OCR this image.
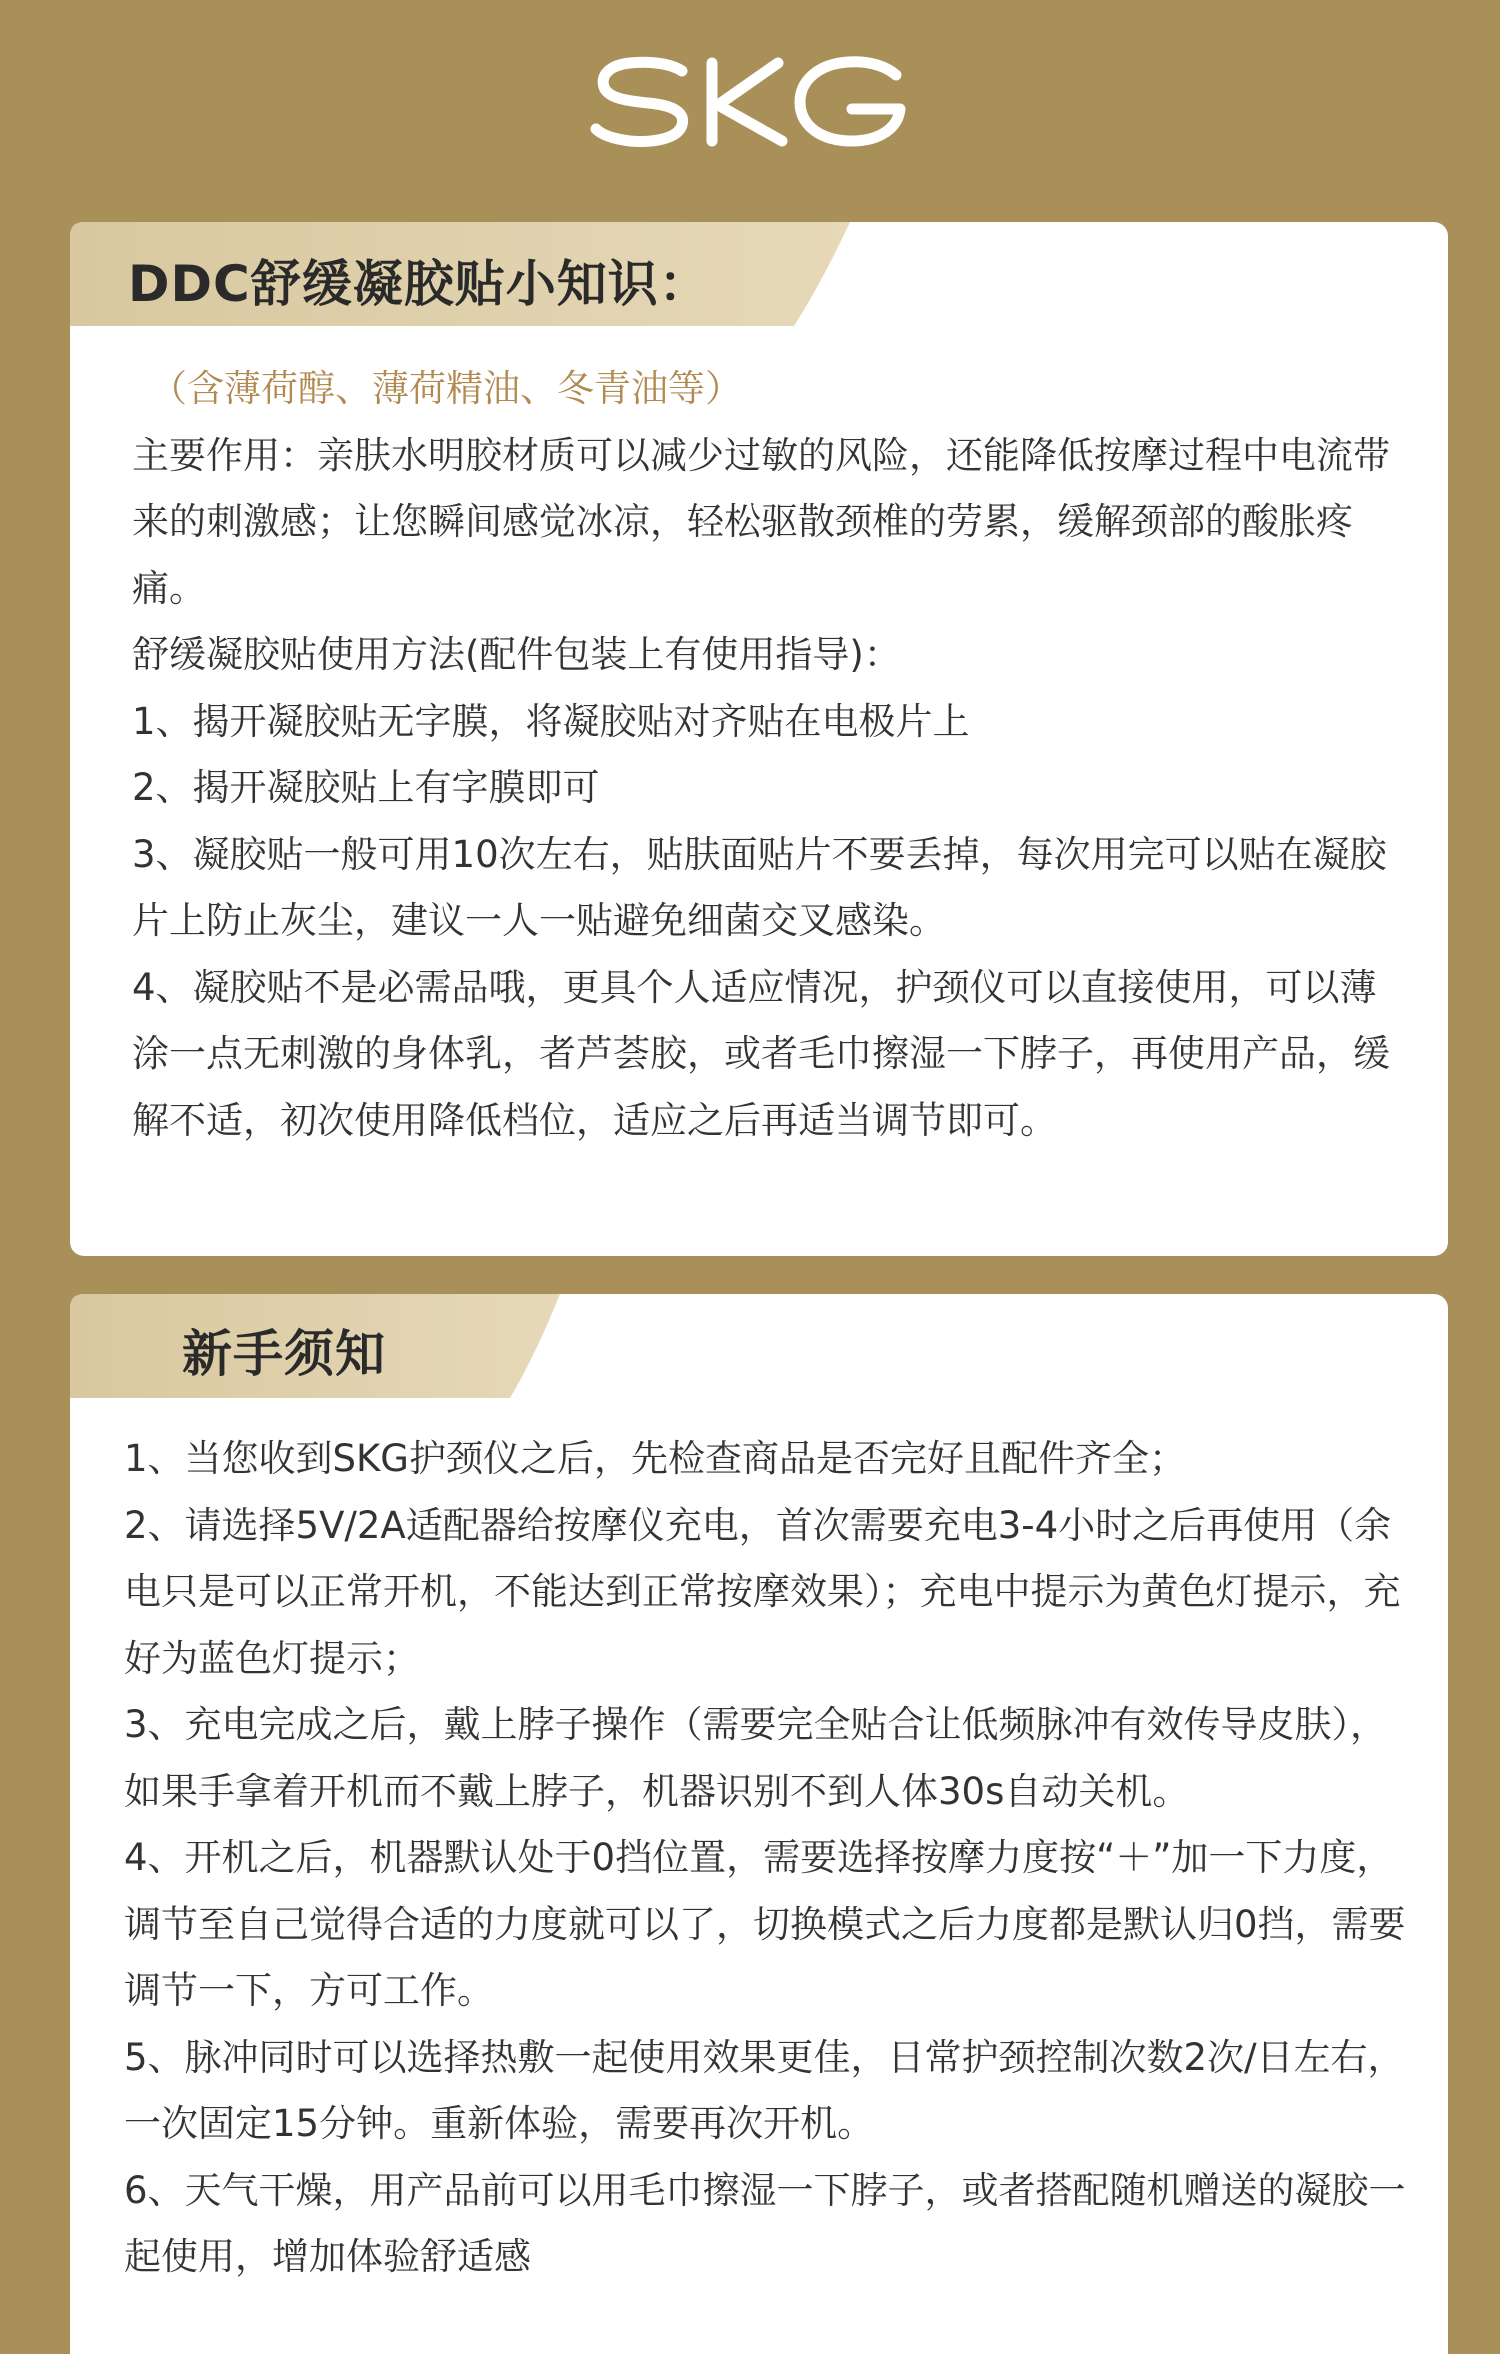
DDC舒缓凝胶贴小知识：

（含薄荷醇、薄荷精油、冬青油等）

主要作用：亲肤水明胶材质可以减少过敏的风险，还能降低按摩过程中电流带来的刺激感；让您瞬间感觉冰凉，轻松驱散颈椎的劳累，缓解颈部的酸胀疼痛。

舒缓凝胶贴使用方法(配件包装上有使用指导)：

1、揭开凝胶贴无字膜，将凝胶贴对齐贴在电极片上

2、揭开凝胶贴上有字膜即可

3、凝胶贴一般可用10次左右，贴肤面贴片不要丢掉，每次用完可以贴在凝胶片上防止灰尘，建议一人一贴避免细菌交叉感染。

4、凝胶贴不是必需品哦，更具个人适应情况，护颈仪可以直接使用，可以薄涂一点无刺激的身体乳，者芦荟胶，或者毛巾擦湿一下脖子，再使用产品，缓解不适，初次使用降低档位，适应之后再适当调节即可。

新手须知

1、当您收到SKG护颈仪之后，先检查商品是否完好且配件齐全；

2、请选择5V/2A适配器给按摩仪充电，首次需要充电3-4小时之后再使用（余电只是可以正常开机，不能达到正常按摩效果）；充电中提示为黄色灯提示，充好为蓝色灯提示；

3、充电完成之后，戴上脖子操作（需要完全贴合让低频脉冲有效传导皮肤），如果手拿着开机而不戴上脖子，机器识别不到人体30s自动关机。

4、开机之后，机器默认处于0挡位置，需要选择按摩力度按“＋”加一下力度，调节至自己觉得合适的力度就可以了，切换模式之后力度都是默认归0挡，需要调节一下，方可工作。

5、脉冲同时可以选择热敷一起使用效果更佳，日常护颈控制次数2次/日左右，一次固定15分钟。重新体验，需要再次开机。

6、天气干燥，用产品前可以用毛巾擦湿一下脖子，或者搭配随机赠送的凝胶一起使用，增加体验舒适感
